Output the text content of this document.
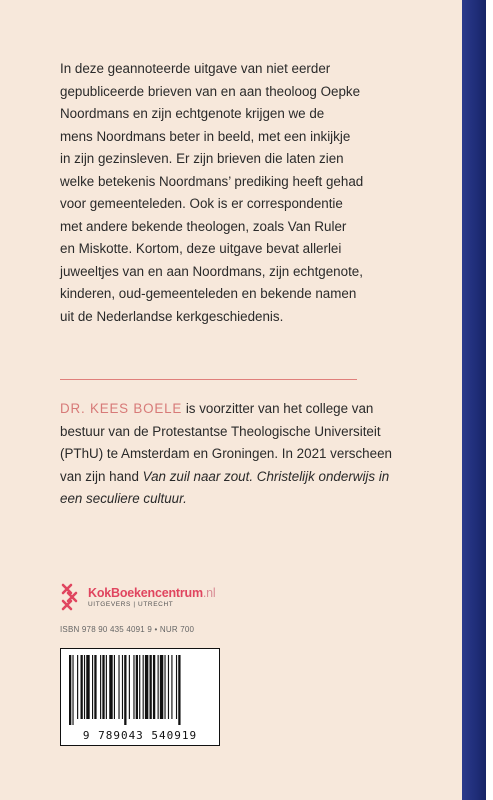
In deze geannoteerde uitgave van niet eerder
gepubliceerde brieven van en aan theoloog Oepke
Noordmans en zijn echtgenote krijgen we de
mens Noordmans beter in beeld, met een inkijkje
in zijn gezinsleven. Er zijn brieven die laten zien
welke betekenis Noordmans’ prediking heeft gehad
voor gemeenteleden. Ook is er correspondentie
met andere bekende theologen, zoals Van Ruler
en Miskotte. Kortom, deze uitgave bevat allerlei
juweeltjes van en aan Noordmans, zijn echtgenote,
kinderen, oud-gemeenteleden en bekende namen
uit de Nederlandse kerkgeschiedenis.

DR. KEES BOELE is voorzitter van het college van bestuur van de Protestantse Theologische Universiteit (PThU) te Amsterdam en Groningen. In 2021 verscheen van zijn hand Van zuil naar zout. Christelijk onderwijs in een seculiere cultuur.

KokBoekencentrum.nl
UITGEVERS | UTRECHT
ISBN 978 90 435 4091 9 • NUR 700
9 789043 540919
